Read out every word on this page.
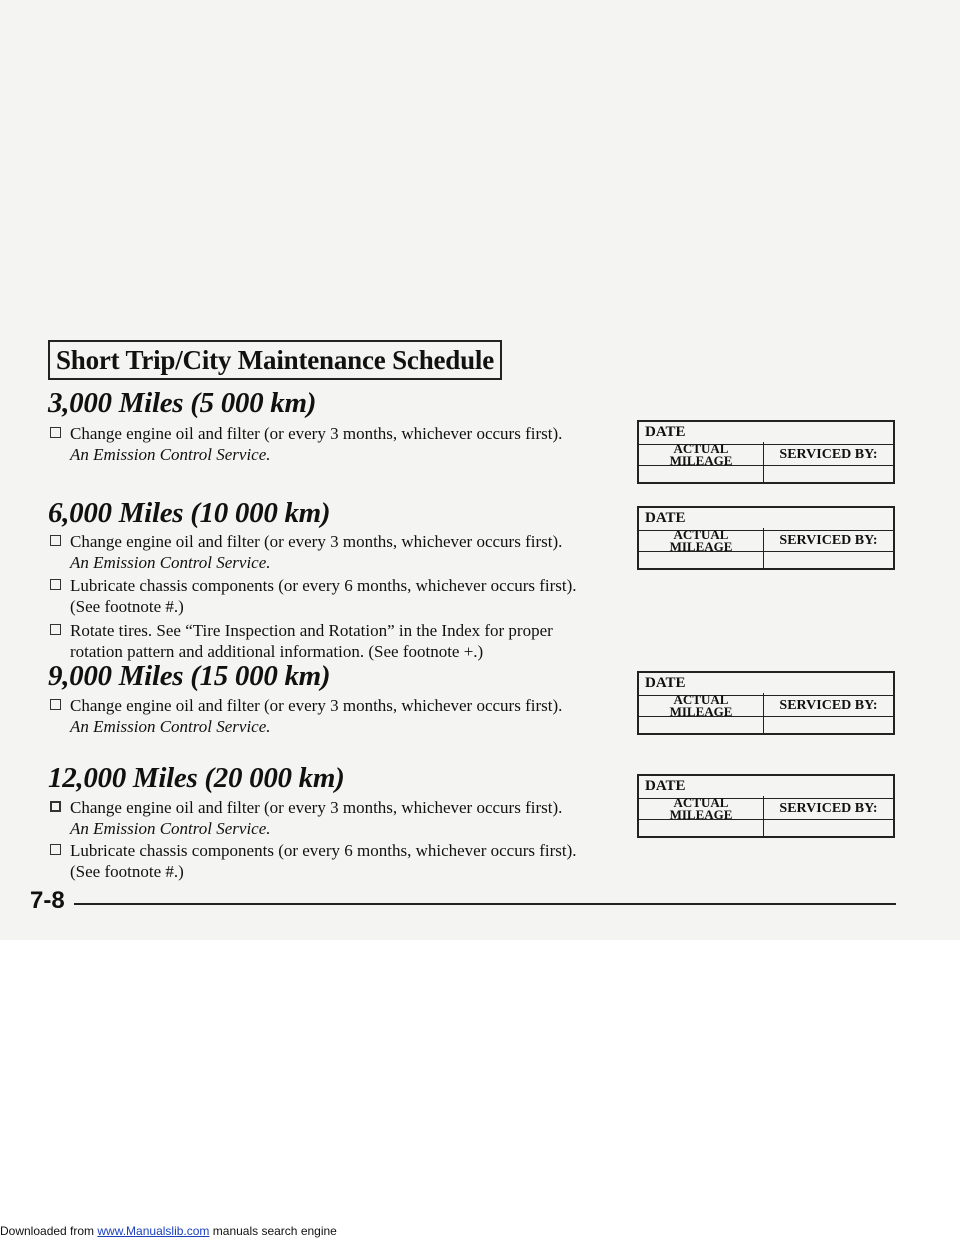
Short Trip/City Maintenance Schedule
3,000 Miles (5 000 km)
Change engine oil and filter (or every 3 months, whichever occurs first).
An Emission Control Service.
6,000 Miles (10 000 km)
Change engine oil and filter (or every 3 months, whichever occurs first).
An Emission Control Service.
Lubricate chassis components (or every 6 months, whichever occurs first).
(See footnote #.)
Rotate tires. See “Tire Inspection and Rotation” in the Index for proper
rotation pattern and additional information. (See footnote +.)
9,000 Miles (15 000 km)
Change engine oil and filter (or every 3 months, whichever occurs first).
An Emission Control Service.
12,000 Miles (20 000 km)
Change engine oil and filter (or every 3 months, whichever occurs first).
An Emission Control Service.
Lubricate chassis components (or every 6 months, whichever occurs first).
(See footnote #.)
DATE
ACTUAL
MILEAGE	SERVICED BY:
DATE
ACTUAL
MILEAGE	SERVICED BY:
DATE
ACTUAL
MILEAGE	SERVICED BY:
DATE
ACTUAL
MILEAGE	SERVICED BY:
7-8
Downloaded from www.Manualslib.com manuals search engine
